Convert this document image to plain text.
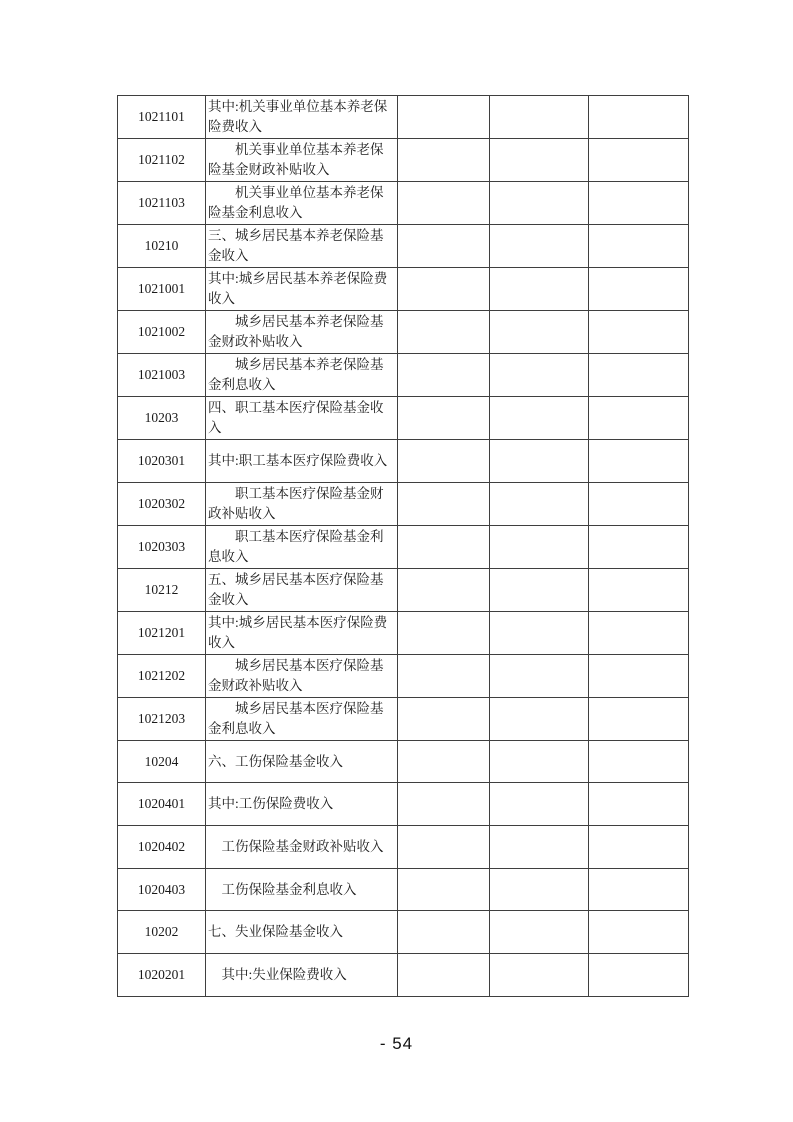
1021101	其中:机关事业单位基本养老保险费收入			
1021102	机关事业单位基本养老保险基金财政补贴收入			
1021103	机关事业单位基本养老保险基金利息收入			
10210	三、城乡居民基本养老保险基金收入			
1021001	其中:城乡居民基本养老保险费收入			
1021002	城乡居民基本养老保险基金财政补贴收入			
1021003	城乡居民基本养老保险基金利息收入			
10203	四、职工基本医疗保险基金收入			
1020301	其中:职工基本医疗保险费收入			
1020302	职工基本医疗保险基金财政补贴收入			
1020303	职工基本医疗保险基金利息收入			
10212	五、城乡居民基本医疗保险基金收入			
1021201	其中:城乡居民基本医疗保险费收入			
1021202	城乡居民基本医疗保险基金财政补贴收入			
1021203	城乡居民基本医疗保险基金利息收入			
10204	六、工伤保险基金收入			
1020401	其中:工伤保险费收入			
1020402	工伤保险基金财政补贴收入			
1020403	工伤保险基金利息收入			
10202	七、失业保险基金收入			
1020201	其中:失业保险费收入			
- 54
